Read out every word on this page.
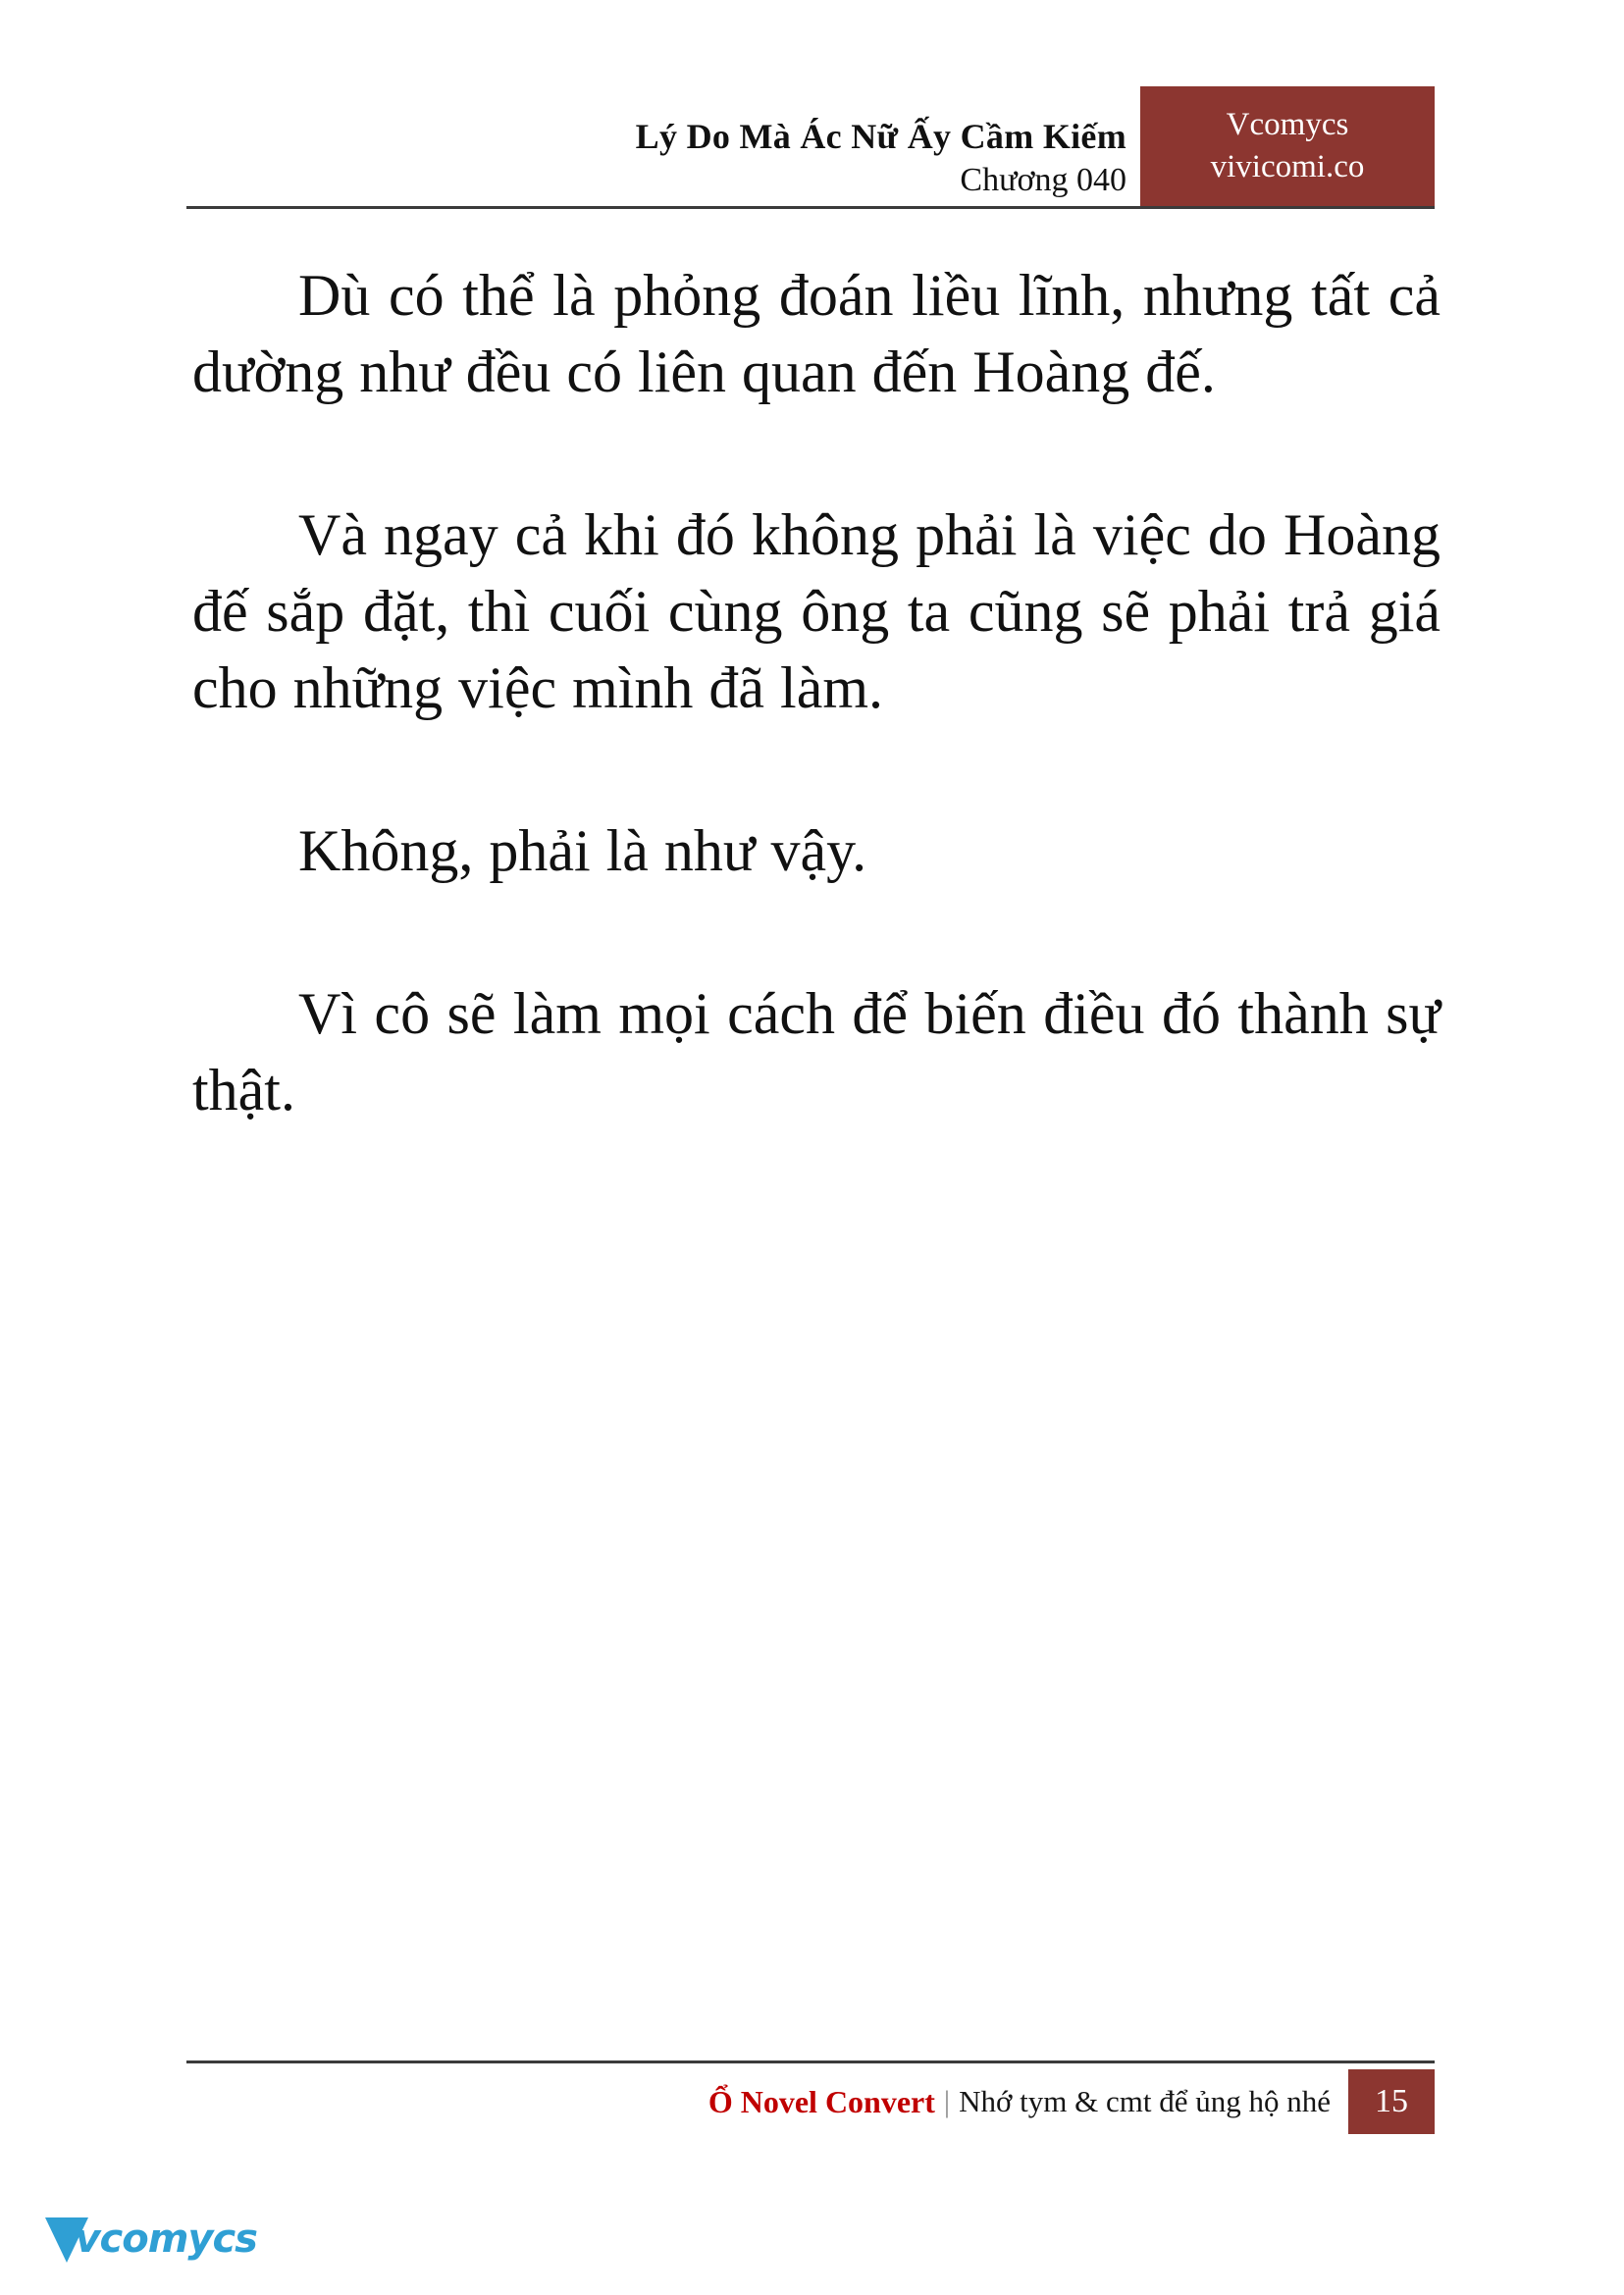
Lý Do Mà Ác Nữ Ấy Cầm Kiếm
Chương 040
Vcomycs
vivicomi.co

Dù có thể là phỏng đoán liều lĩnh, nhưng tất cả dường như đều có liên quan đến Hoàng đế.

Và ngay cả khi đó không phải là việc do Hoàng đế sắp đặt, thì cuối cùng ông ta cũng sẽ phải trả giá cho những việc mình đã làm.

Không, phải là như vậy.

Vì cô sẽ làm mọi cách để biến điều đó thành sự thật.

Ổ Novel Convert | Nhớ tym & cmt để ủng hộ nhé	15
vcomycs
